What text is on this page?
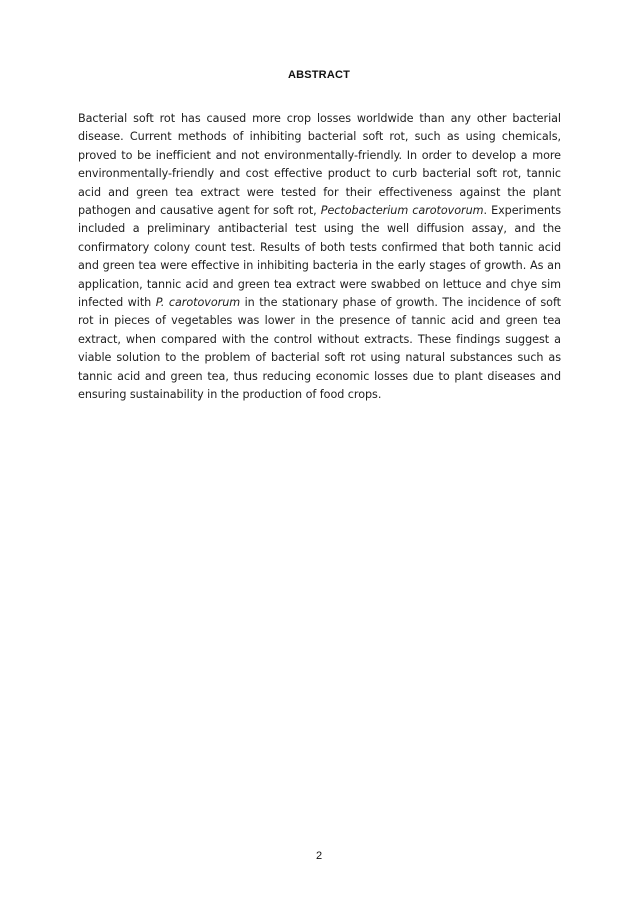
ABSTRACT
Bacterial soft rot has caused more crop losses worldwide than any other bacterial disease. Current methods of inhibiting bacterial soft rot, such as using chemicals, proved to be inefficient and not environmentally-friendly. In order to develop a more environmentally-friendly and cost effective product to curb bacterial soft rot, tannic acid and green tea extract were tested for their effectiveness against the plant pathogen and causative agent for soft rot, Pectobacterium carotovorum. Experiments included a preliminary antibacterial test using the well diffusion assay, and the confirmatory colony count test. Results of both tests confirmed that both tannic acid and green tea were effective in inhibiting bacteria in the early stages of growth. As an application, tannic acid and green tea extract were swabbed on lettuce and chye sim infected with P. carotovorum in the stationary phase of growth. The incidence of soft rot in pieces of vegetables was lower in the presence of tannic acid and green tea extract, when compared with the control without extracts. These findings suggest a viable solution to the problem of bacterial soft rot using natural substances such as tannic acid and green tea, thus reducing economic losses due to plant diseases and ensuring sustainability in the production of food crops.
2
